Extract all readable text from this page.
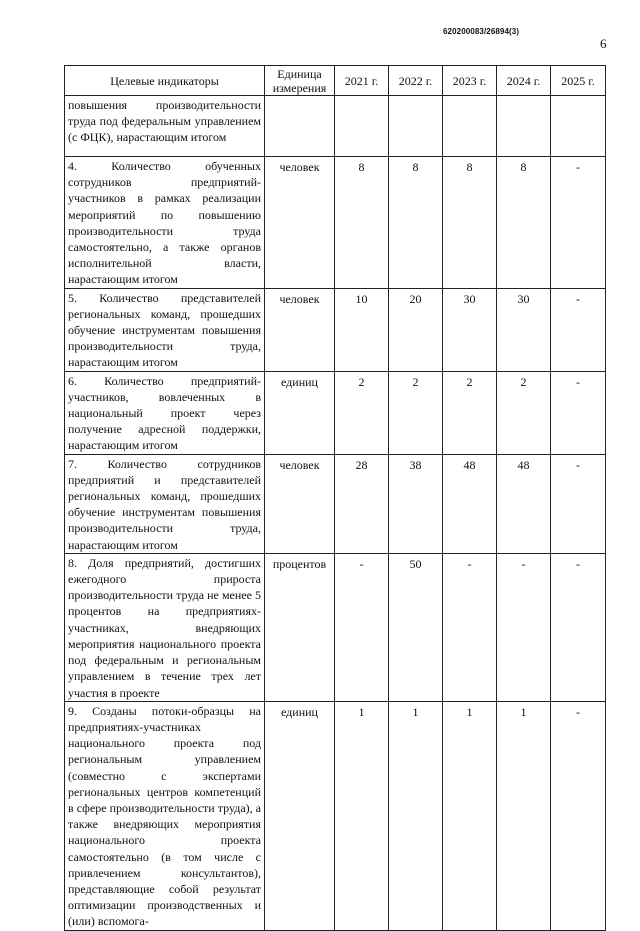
620200083/26894(3)
6
Целевые индикаторы	Единица измерения	2021 г.	2022 г.	2023 г.	2024 г.	2025 г.
повышения производительности труда под федеральным управлением (с ФЦК), нарастающим итогом						
4. Количество обученных сотрудников предприятий-участников в рамках реализации мероприятий по повышению производительности труда самостоятельно, а также органов исполнительной власти, нарастающим итогом	человек	8	8	8	8	-
5. Количество представителей региональных команд, прошедших обучение инструментам повышения производительности труда, нарастающим итогом	человек	10	20	30	30	-
6. Количество предприятий-участников, вовлеченных в национальный проект через получение адресной поддержки, нарастающим итогом	единиц	2	2	2	2	-
7. Количество сотрудников предприятий и представителей региональных команд, прошедших обучение инструментам повышения производительности труда, нарастающим итогом	человек	28	38	48	48	-
8. Доля предприятий, достигших ежегодного прироста производительности труда не менее 5 процентов на предприятиях-участниках, внедряющих мероприятия национального проекта под федеральным и региональным управлением в течение трех лет участия в проекте	процентов	-	50	-	-	-
9. Созданы потоки-образцы на предприятиях-участниках национального проекта под региональным управлением (совместно с экспертами региональных центров компетенций в сфере производительности труда), а также внедряющих мероприятия национального проекта самостоятельно (в том числе с привлечением консультантов), представляющие собой результат оптимизации производственных и (или) вспомога-	единиц	1	1	1	1	-
